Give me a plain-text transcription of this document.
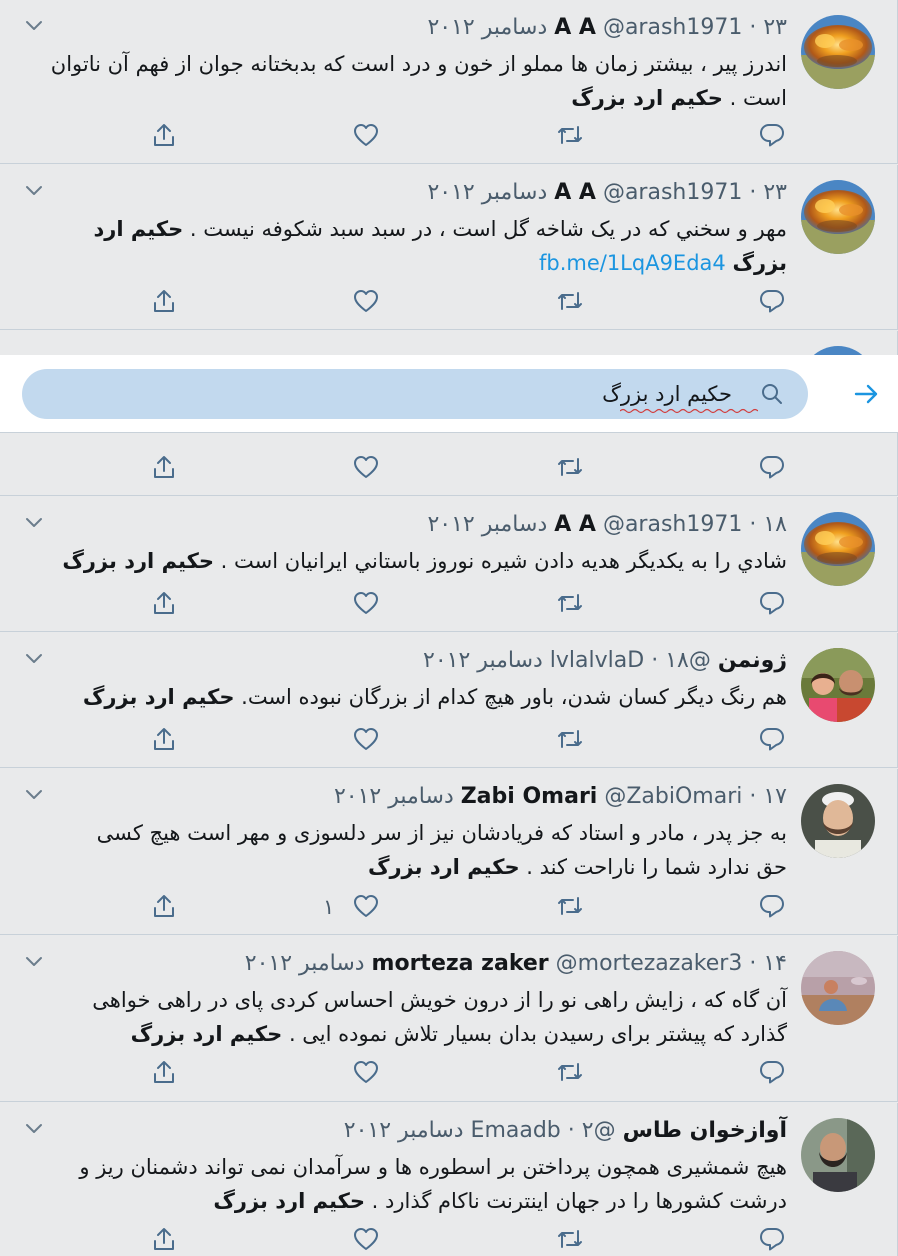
A A @arash1971 · ۲۳ دسامبر ۲۰۱۲
اندرز پیر ، بیشتر زمان ها مملو از خون و درد است که بدبختانه جوان از فهم آن ناتوان
است . حکیم ارد بزرگ
A A @arash1971 · ۲۳ دسامبر ۲۰۱۲
مهر و سخني که در یک شاخه گل است ، در سبد سبد شکوفه نیست . حکیم ارد
بزرگ fb.me/1LqA9Eda4
A A @arash1971 · ۱۸ دسامبر ۲۰۱۲
شادي را به یکدیگر هدیه دادن شیره نوروز باستاني ایرانیان است . حکیم ارد بزرگ
ژونمن @lvlalvlaD · ۱۸ دسامبر ۲۰۱۲
هم رنگ دیگر کسان شدن، باور هیچ کدام از بزرگان نبوده است. حکیم ارد بزرگ
Zabi Omari @ZabiOmari · ۱۷ دسامبر ۲۰۱۲
به جز پدر ، مادر و استاد که فریادشان نیز از سر دلسوزی و مهر است هیچ کسی
حق ندارد شما را ناراحت کند . حکیم ارد بزرگ
۱
morteza zaker @mortezazaker3 · ۱۴ دسامبر ۲۰۱۲
آن گاه که ، زایش راهی نو را از درون خویش احساس کردی پای در راهی خواهی
گذارد که پیشتر برای رسیدن بدان بسیار تلاش نموده ایی . حکیم ارد بزرگ
آوازخوان طاس @Emaadb · ۲ دسامبر ۲۰۱۲
هیچ شمشیری همچون پرداختن بر اسطوره ها و سرآمدان نمی تواند دشمنان ریز و
درشت کشورها را در جهان اینترنت ناکام گذارد . حکیم ارد بزرگ
حکیم ارد بزرگ
